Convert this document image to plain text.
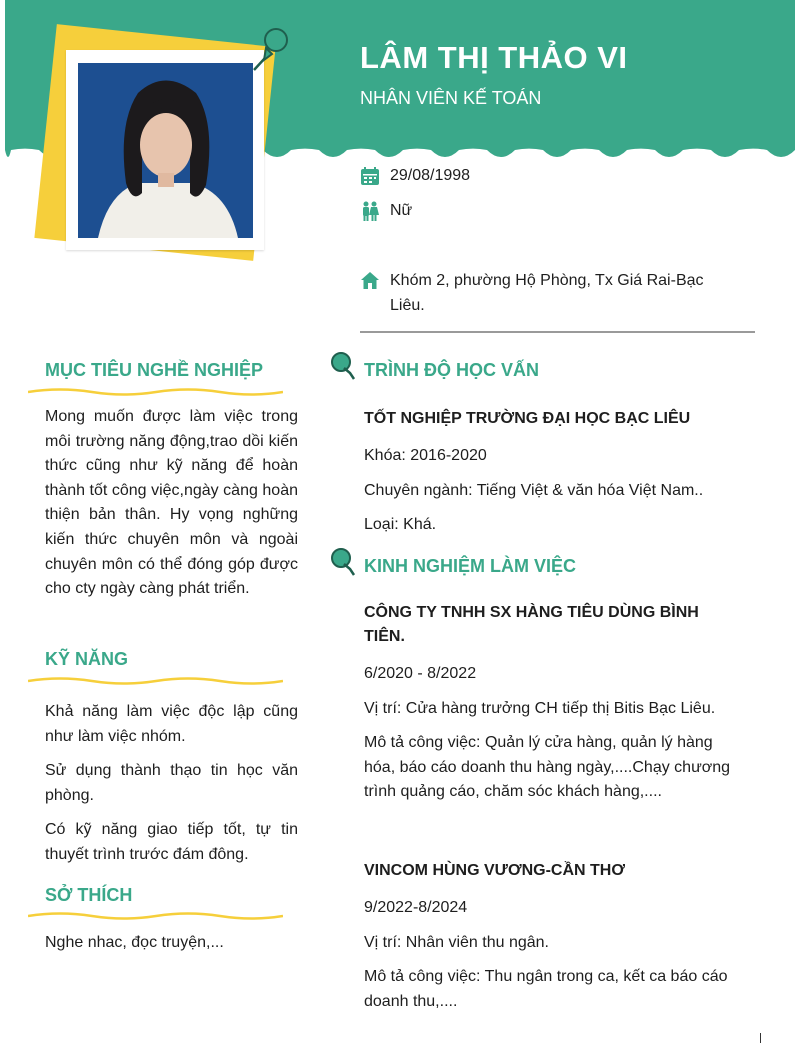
LÂM THỊ THẢO VI
NHÂN VIÊN KẾ TOÁN
29/08/1998
Nữ
Khóm 2, phường Hộ Phòng, Tx Giá Rai-Bạc Liêu.
MỤC TIÊU NGHỀ NGHIỆP

Mong muốn được làm việc trong môi trường năng động,trao dồi kiến thức cũng như kỹ năng để hoàn thành tốt công việc,ngày càng hoàn thiện bản thân. Hy vọng nghững kiến thức chuyên môn và ngoài chuyên môn có thể đóng góp được cho cty ngày càng phát triển.

KỸ NĂNG

Khả năng làm việc độc lập cũng như làm việc nhóm.

Sử dụng thành thạo tin học văn phòng.

Có kỹ năng giao tiếp tốt, tự tin thuyết trình trước đám đông.

SỞ THÍCH

Nghe nhac, đọc truyện,...

TRÌNH ĐỘ HỌC VẤN
TỐT NGHIỆP TRƯỜNG ĐẠI HỌC BẠC LIÊU
Khóa: 2016-2020
Chuyên ngành: Tiếng Việt & văn hóa Việt Nam..
Loại: Khá.
KINH NGHIỆM LÀM VIỆC
CÔNG TY TNHH SX HÀNG TIÊU DÙNG BÌNH TIÊN.
6/2020 - 8/2022
Vị trí: Cửa hàng trưởng CH tiếp thị Bitis Bạc Liêu.
Mô tả công việc: Quản lý cửa hàng, quản lý hàng hóa, báo cáo doanh thu hàng ngày,....Chạy chương trình quảng cáo, chăm sóc khách hàng,....
VINCOM HÙNG VƯƠNG-CẦN THƠ
9/2022-8/2024
Vị trí: Nhân viên thu ngân.
Mô tả công việc: Thu ngân trong ca, kết ca báo cáo doanh thu,....
